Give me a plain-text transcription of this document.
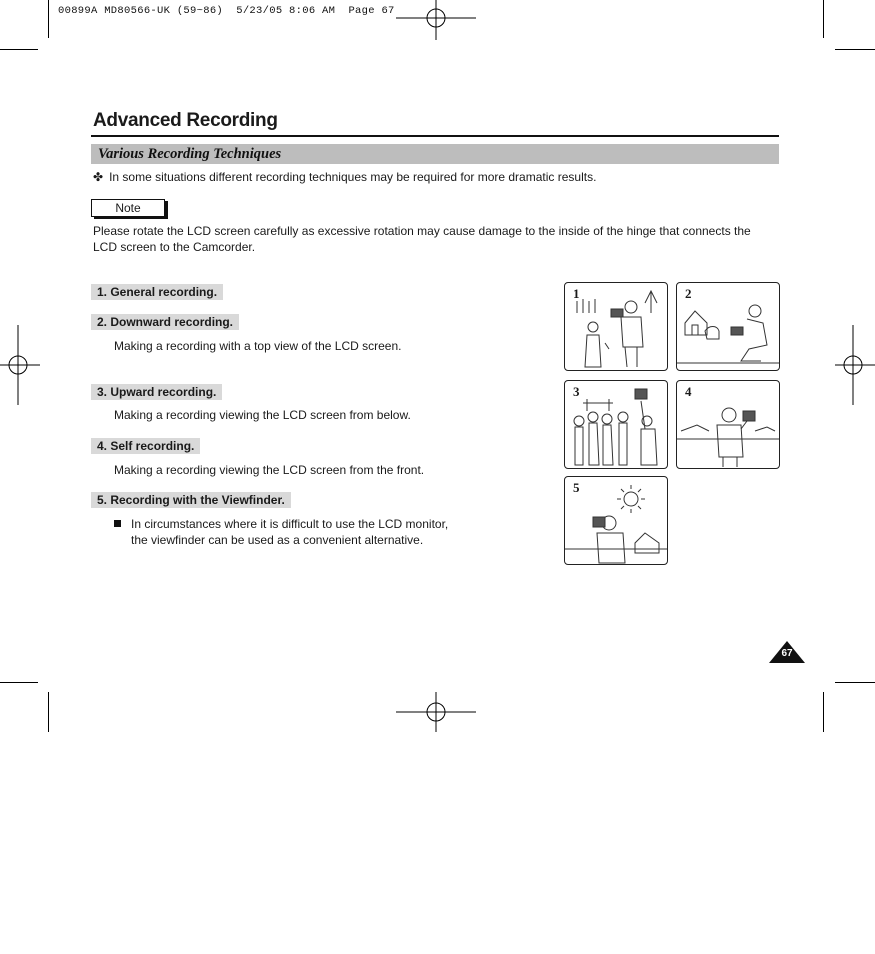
00899A MD80566-UK (59~86)  5/23/05 8:06 AM  Page 67
Advanced Recording
Various Recording Techniques
✤ In some situations different recording techniques may be required for more dramatic results.
Note
Please rotate the LCD screen carefully as excessive rotation may cause damage to the inside of the hinge that connects the LCD screen to the Camcorder.
1. General recording.
2. Downward recording.
Making a recording with a top view of the LCD screen.
3. Upward recording.
Making a recording viewing the LCD screen from below.
4. Self recording.
Making a recording viewing the LCD screen from the front.
5. Recording with the Viewfinder.
In circumstances where it is difficult to use the LCD monitor,
the viewfinder can be used as a convenient alternative.
1	2
3	4
5
67
